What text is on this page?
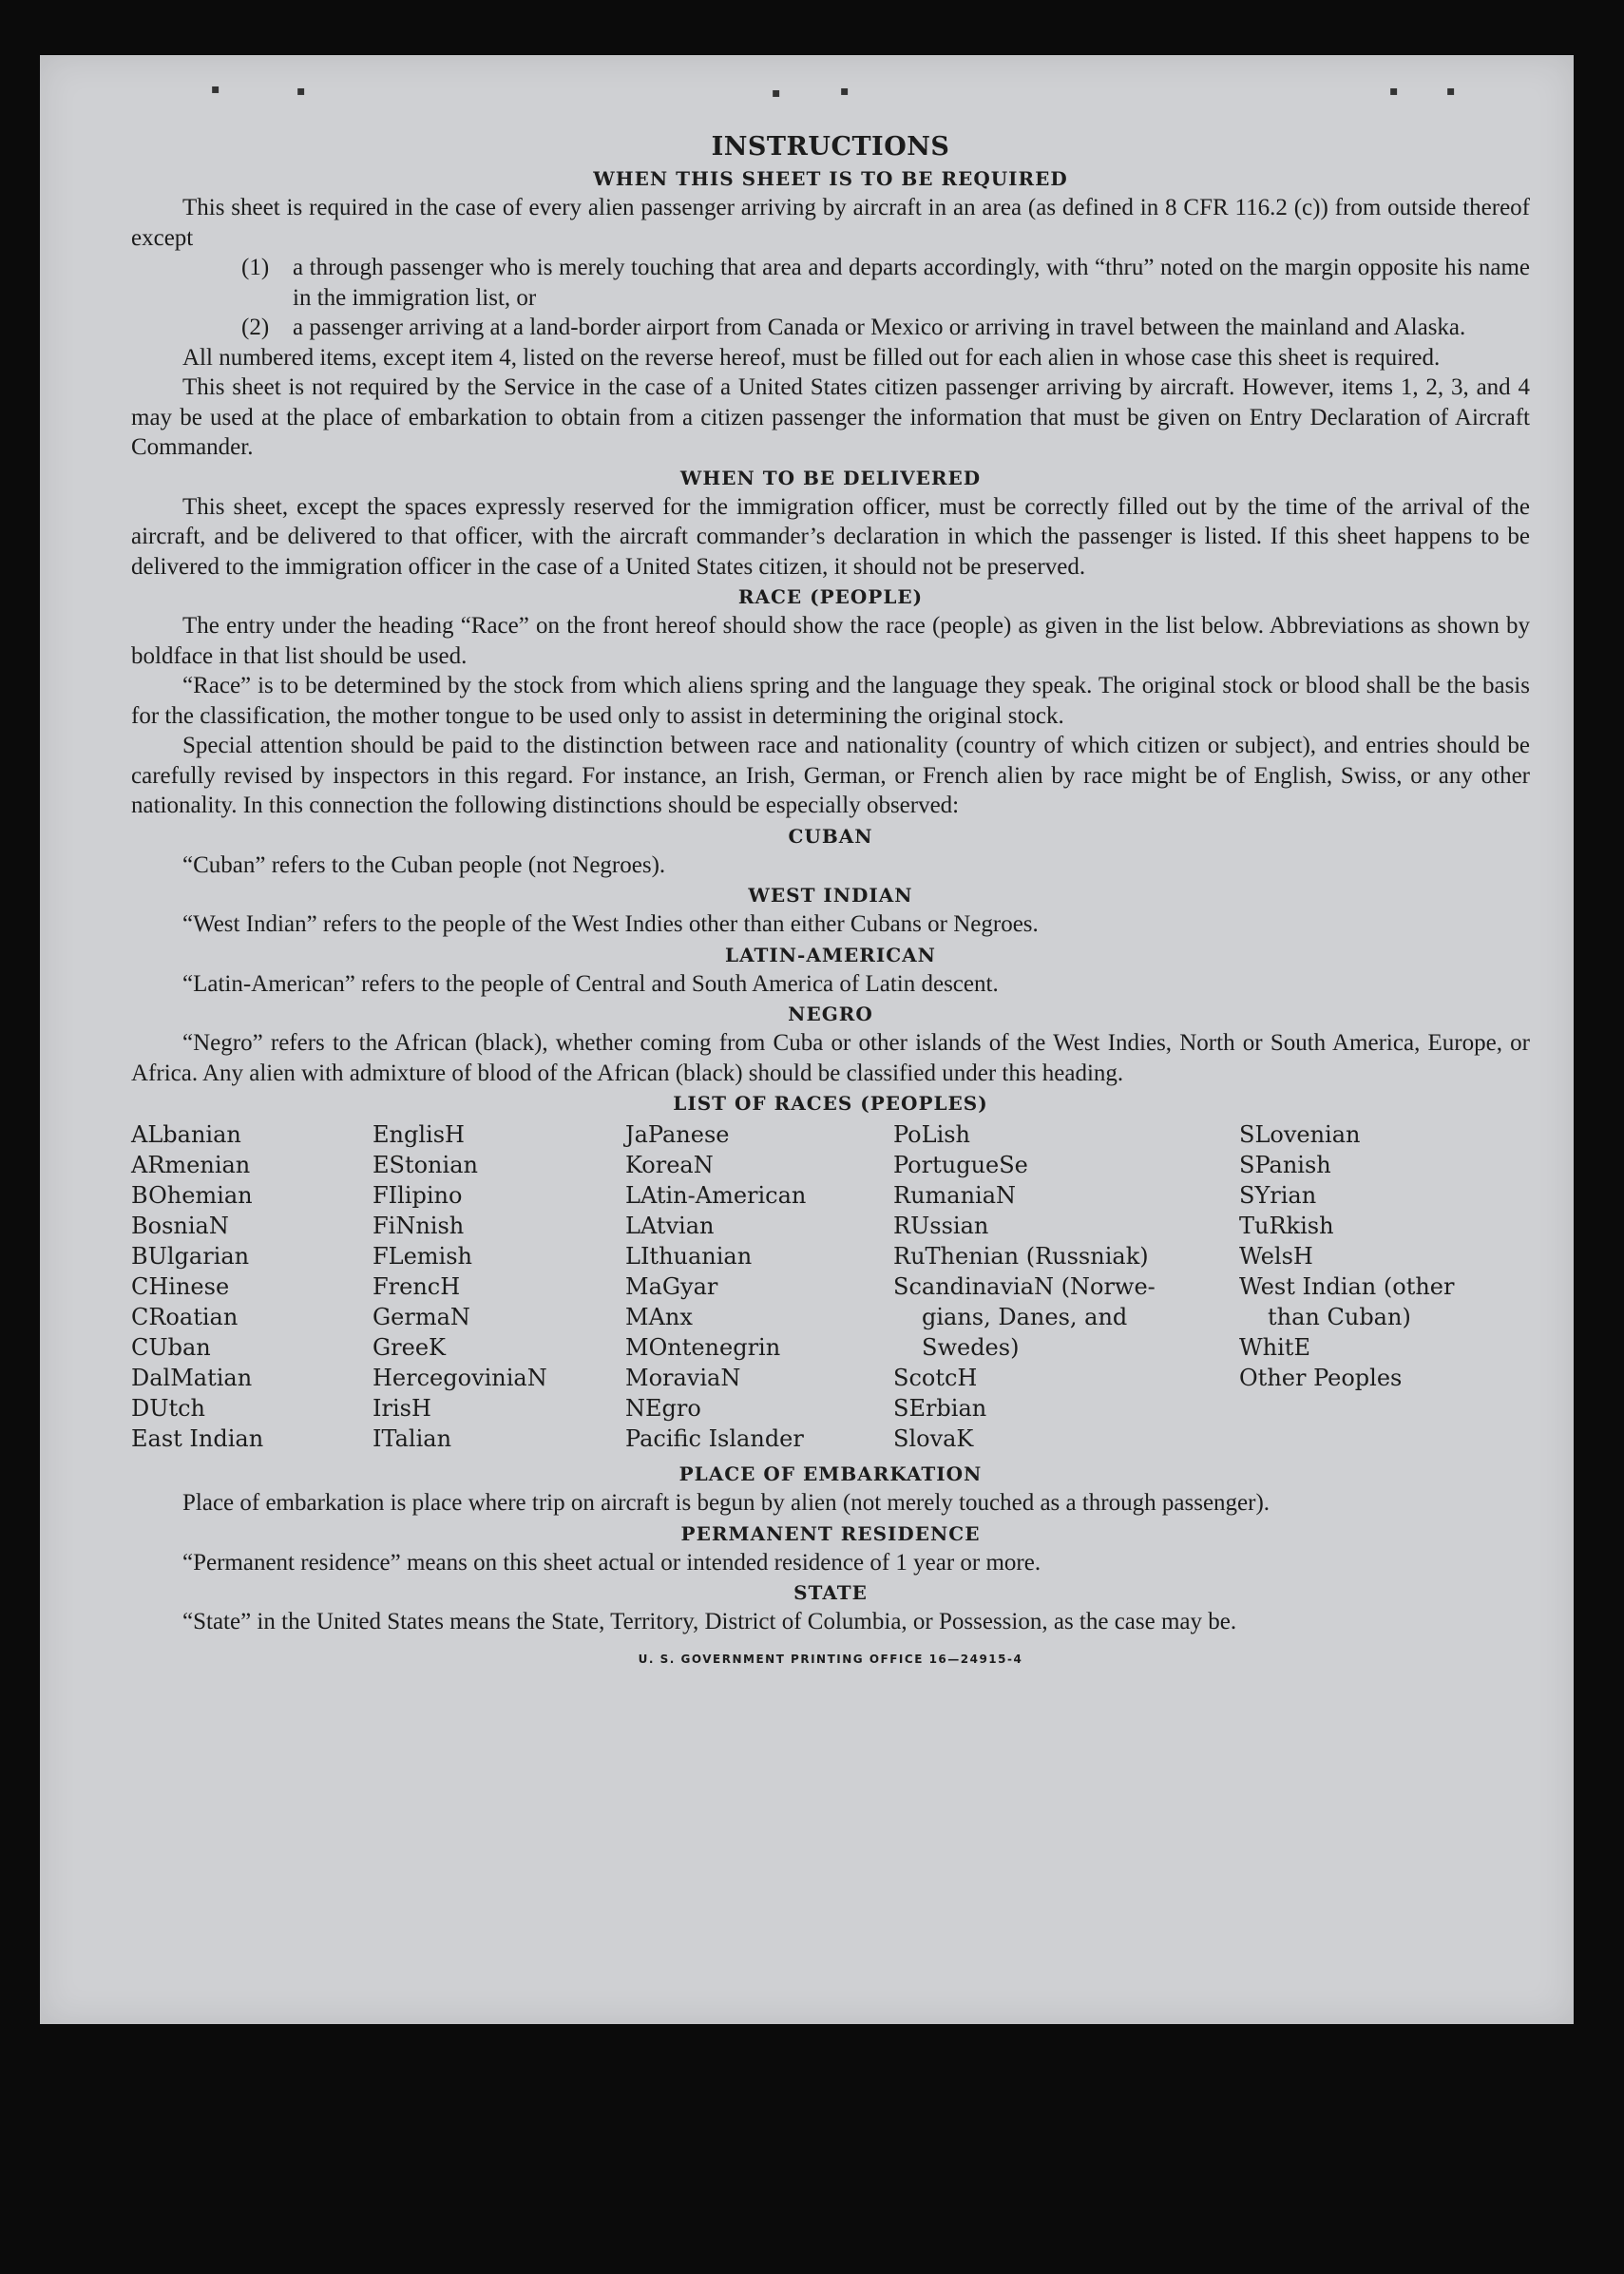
▪	▪	▪	▪	▪	▪
INSTRUCTIONS
WHEN THIS SHEET IS TO BE REQUIRED

This sheet is required in the case of every alien passenger arriving by aircraft in an area (as defined in 8 CFR 116.2 (c)) from outside thereof except

(1) a through passenger who is merely touching that area and departs accordingly, with “thru” noted on the margin opposite his name in the immigration list, or
(2) a passenger arriving at a land-border airport from Canada or Mexico or arriving in travel between the mainland and Alaska.

All numbered items, except item 4, listed on the reverse hereof, must be filled out for each alien in whose case this sheet is required.

This sheet is not required by the Service in the case of a United States citizen passenger arriving by aircraft. However, items 1, 2, 3, and 4 may be used at the place of embarkation to obtain from a citizen passenger the information that must be given on Entry Declaration of Aircraft Commander.

WHEN TO BE DELIVERED

This sheet, except the spaces expressly reserved for the immigration officer, must be correctly filled out by the time of the arrival of the aircraft, and be delivered to that officer, with the aircraft commander’s declaration in which the passenger is listed. If this sheet happens to be delivered to the immigration officer in the case of a United States citizen, it should not be preserved.

RACE (PEOPLE)

The entry under the heading “Race” on the front hereof should show the race (people) as given in the list below. Abbreviations as shown by boldface in that list should be used.

“Race” is to be determined by the stock from which aliens spring and the language they speak. The original stock or blood shall be the basis for the classification, the mother tongue to be used only to assist in determining the original stock.

Special attention should be paid to the distinction between race and nationality (country of which citizen or subject), and entries should be carefully revised by inspectors in this regard. For instance, an Irish, German, or French alien by race might be of English, Swiss, or any other nationality. In this connection the following distinctions should be especially observed:

CUBAN

“Cuban” refers to the Cuban people (not Negroes).

WEST INDIAN

“West Indian” refers to the people of the West Indies other than either Cubans or Negroes.

LATIN-AMERICAN

“Latin-American” refers to the people of Central and South America of Latin descent.

NEGRO

“Negro” refers to the African (black), whether coming from Cuba or other islands of the West Indies, North or South America, Europe, or Africa. Any alien with admixture of blood of the African (black) should be classified under this heading.

LIST OF RACES (PEOPLES)
ALbanian
ARmenian
BOhemian
BosniaN
BUlgarian
CHinese
CRoatian
CUban
DalMatian
DUtch
East Indian
EnglisH
EStonian
FIlipino
FiNnish
FLemish
FrencH
GermaN
GreeK
HercegoviniaN
IrisH
ITalian
JaPanese
KoreaN
LAtin-American
LAtvian
LIthuanian
MaGyar
MAnx
MOntenegrin
MoraviaN
NEgro
Pacific Islander
PoLish
PortugueSe
RumaniaN
RUssian
RuThenian (Russniak)
ScandinaviaN (Norwe-
gians, Danes, and
Swedes)
ScotcH
SErbian
SlovaK
SLovenian
SPanish
SYrian
TuRkish
WelsH
West Indian (other
than Cuban)
WhitE
Other Peoples
PLACE OF EMBARKATION

Place of embarkation is place where trip on aircraft is begun by alien (not merely touched as a through passenger).

PERMANENT RESIDENCE

“Permanent residence” means on this sheet actual or intended residence of 1 year or more.

STATE

“State” in the United States means the State, Territory, District of Columbia, or Possession, as the case may be.

U. S. GOVERNMENT PRINTING OFFICE 16—24915-4
